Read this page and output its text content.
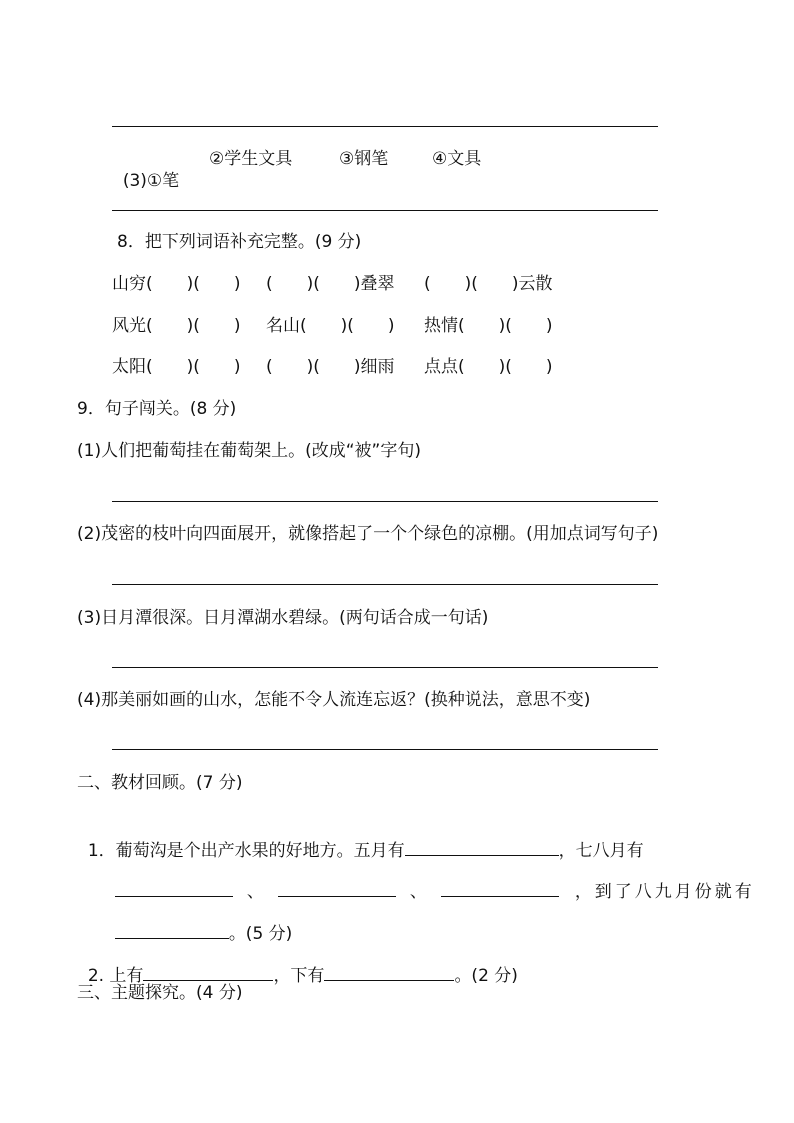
(3)①笔

②学生文具	③钢笔	④文具
8．把下列词语补充完整。(9 分)
山穷(　　)(　　) (　　)(　　)叠翠 (　　)(　　)云散
风光(　　)(　　) 名山(　　)(　　) 热情(　　)(　　)
太阳(　　)(　　) (　　)(　　)细雨 点点(　　)(　　)
9．句子闯关。(8 分)
(1)人们把葡萄挂在葡萄架上。(改成“被”字句)
(2)茂密的枝叶向四面展开，就像搭起了一个个绿色的凉棚。(用加点词写句子)
(3)日月潭很深。日月潭湖水碧绿。(两句话合成一句话)
(4)那美丽如画的山水，怎能不令人流连忘返？(换种说法，意思不变)
二、教材回顾。(7 分)

1．葡萄沟是个出产水果的好地方。五月有	，七八月有

、	、	，到了八九月份就有

。(5 分)

2. 上有	，下有	。(2 分)

三、主题探究。(4 分)
